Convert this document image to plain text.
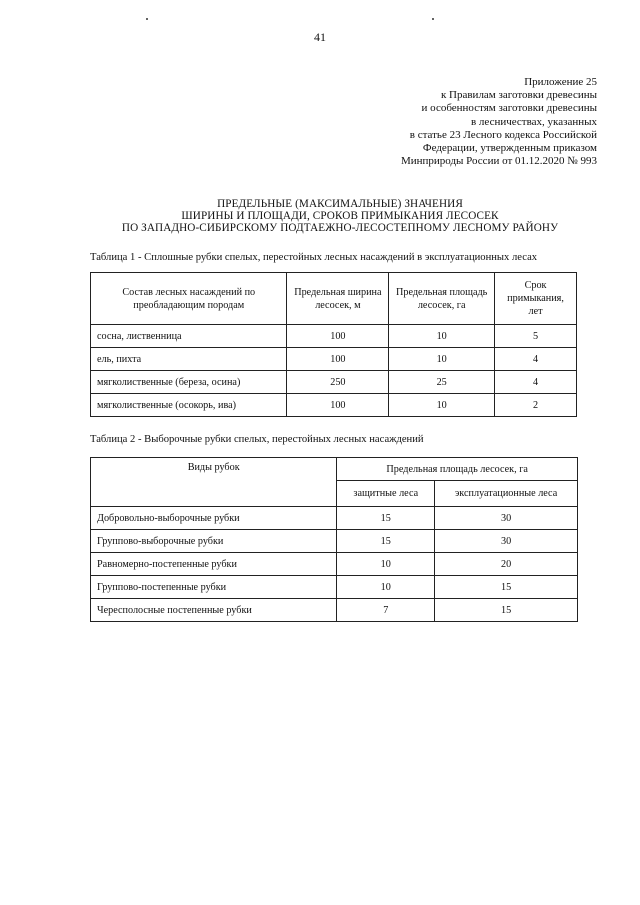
41
Приложение 25
к Правилам заготовки древесины
и особенностям заготовки древесины
в лесничествах, указанных
в статье 23 Лесного кодекса Российской
Федерации, утвержденным приказом
Минприроды России от 01.12.2020 № 993
ПРЕДЕЛЬНЫЕ (МАКСИМАЛЬНЫЕ) ЗНАЧЕНИЯ
ШИРИНЫ И ПЛОЩАДИ, СРОКОВ ПРИМЫКАНИЯ ЛЕСОСЕК
ПО ЗАПАДНО-СИБИРСКОМУ ПОДТАЕЖНО-ЛЕСОСТЕПНОМУ ЛЕСНОМУ РАЙОНУ
Таблица 1 - Сплошные рубки спелых, перестойных лесных насаждений в эксплуатационных лесах
Состав лесных насаждений по преобладающим породам	Предельная ширина лесосек, м	Предельная площадь лесосек, га	Срок примыкания, лет
сосна, лиственница	100	10	5
ель, пихта	100	10	4
мягколиственные (береза, осина)	250	25	4
мягколиственные (осокорь, ива)	100	10	2
Таблица 2 - Выборочные рубки спелых, перестойных лесных насаждений
Виды рубок	Предельная площадь лесосек, га	
	защитные леса	эксплуатационные леса
Добровольно-выборочные рубки	15	30
Группово-выборочные рубки	15	30
Равномерно-постепенные рубки	10	20
Группово-постепенные рубки	10	15
Чересполосные постепенные рубки	7	15
